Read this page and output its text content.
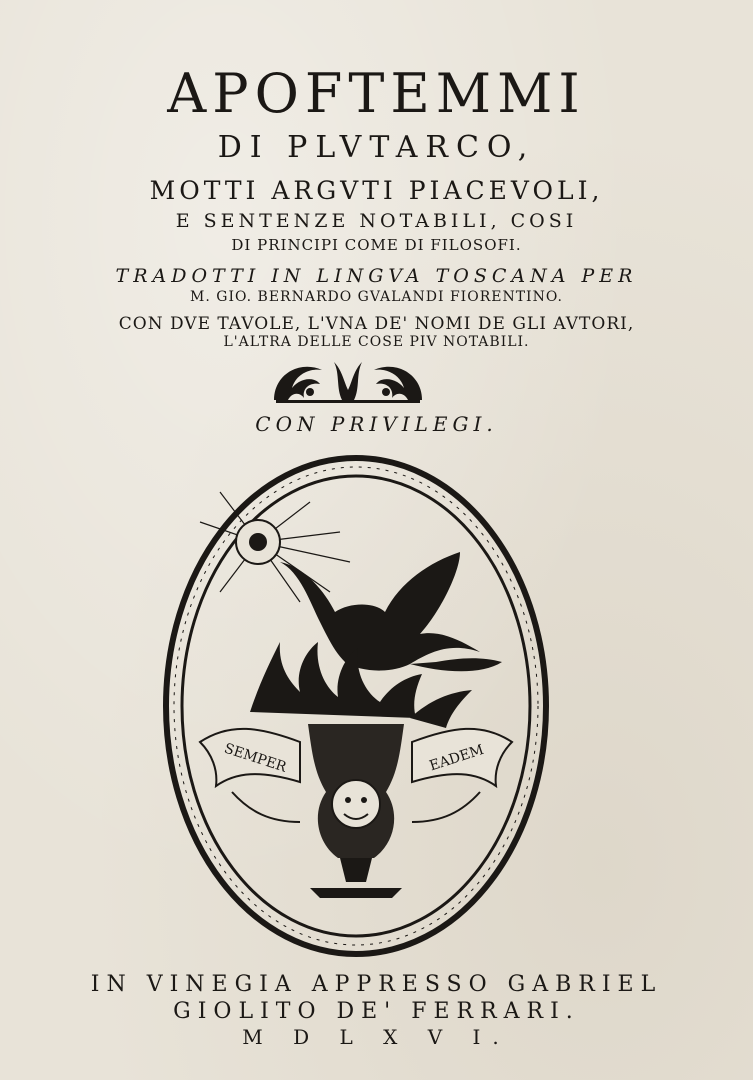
APOFTEMMI
DI PLVTARCO,
MOTTI ARGVTI PIACEVOLI,
E SENTENZE NOTABILI, COSI
DI PRINCIPI COME DI FILOSOFI.
TRADOTTI IN LINGVA TOSCANA PER
M. GIO. BERNARDO GVALANDI FIORENTINO.
CON DVE TAVOLE, L'VNA DE' NOMI DE GLI AVTORI,
L'ALTRA DELLE COSE PIV NOTABILI.
CON PRIVILEGI.
SEMPER	EADEM
IN VINEGIA APPRESSO GABRIEL
GIOLITO DE' FERRARI.
M D L X V I.
